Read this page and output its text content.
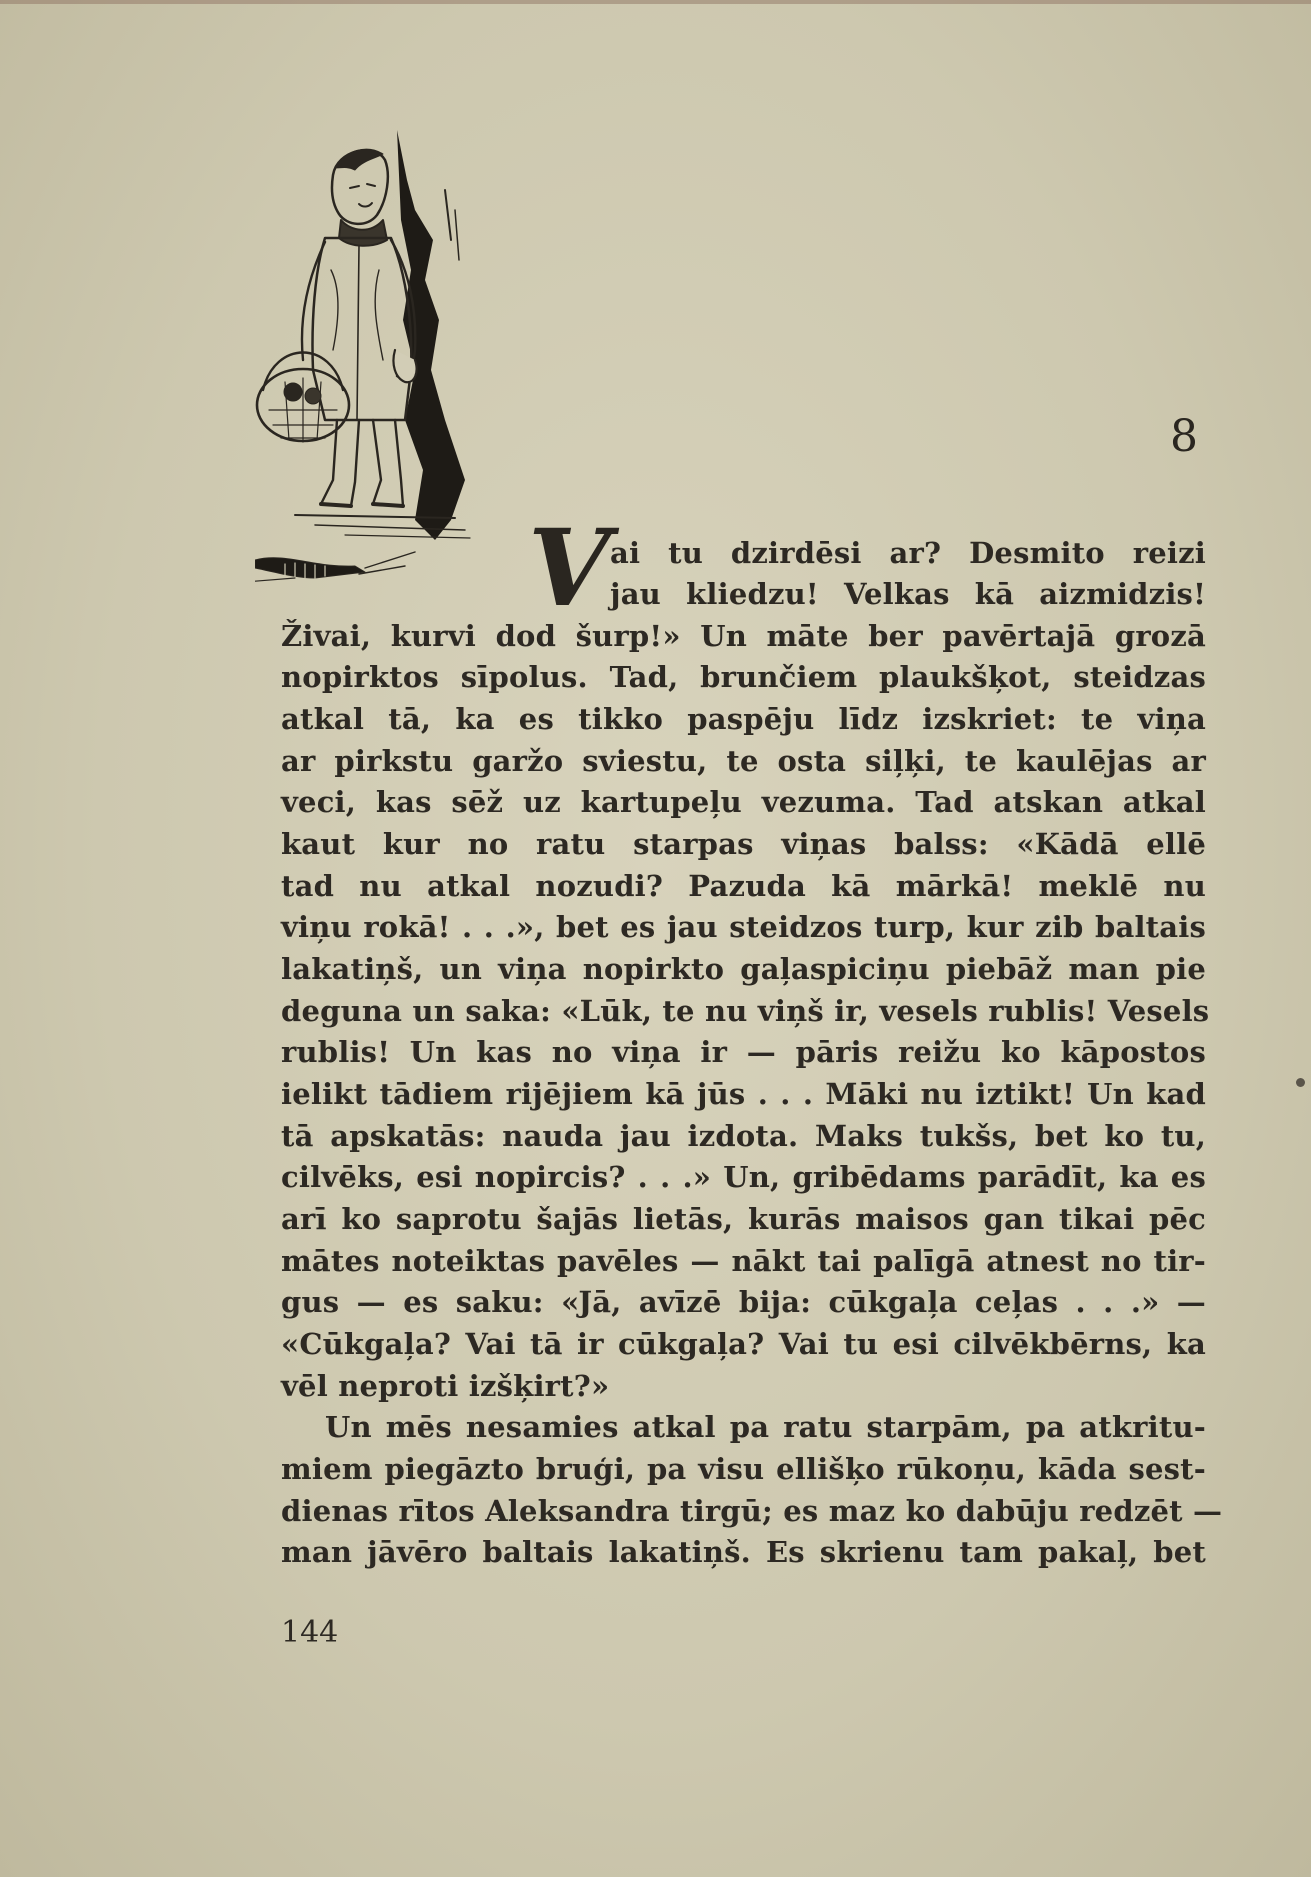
8
V ai tu dzirdēsi ar? Desmito reizi
jau kliedzu! Velkas kā aizmidzis!
Živai, kurvi dod šurp!» Un māte ber pavērtajā grozā
nopirktos sīpolus. Tad, brunčiem plaukšķot, steidzas
atkal tā, ka es tikko paspēju līdz izskriet: te viņa
ar pirkstu garžo sviestu, te osta siļķi, te kaulējas ar
veci, kas sēž uz kartupeļu vezuma. Tad atskan atkal
kaut kur no ratu starpas viņas balss: «Kādā ellē
tad nu atkal nozudi? Pazuda kā mārkā! meklē nu
viņu rokā! . . .», bet es jau steidzos turp, kur zib baltais
lakatiņš, un viņa nopirkto gaļaspiciņu piebāž man pie
deguna un saka: «Lūk, te nu viņš ir, vesels rublis! Vesels
rublis! Un kas no viņa ir — pāris reižu ko kāpostos
ielikt tādiem rijējiem kā jūs . . . Māki nu iztikt! Un kad
tā apskatās: nauda jau izdota. Maks tukšs, bet ko tu,
cilvēks, esi nopircis? . . .» Un, gribēdams parādīt, ka es
arī ko saprotu šajās lietās, kurās maisos gan tikai pēc
mātes noteiktas pavēles — nākt tai palīgā atnest no tir-
gus — es saku: «Jā, avīzē bija: cūkgaļa ceļas . . .» —
«Cūkgaļa? Vai tā ir cūkgaļa? Vai tu esi cilvēkbērns, ka
vēl neproti izšķirt?»
Un mēs nesamies atkal pa ratu starpām, pa atkritu-
miem piegāzto bruģi, pa visu ellišķo rūkoņu, kāda sest-
dienas rītos Aleksandra tirgū; es maz ko dabūju redzēt —
man jāvēro baltais lakatiņš. Es skrienu tam pakaļ, bet
144
